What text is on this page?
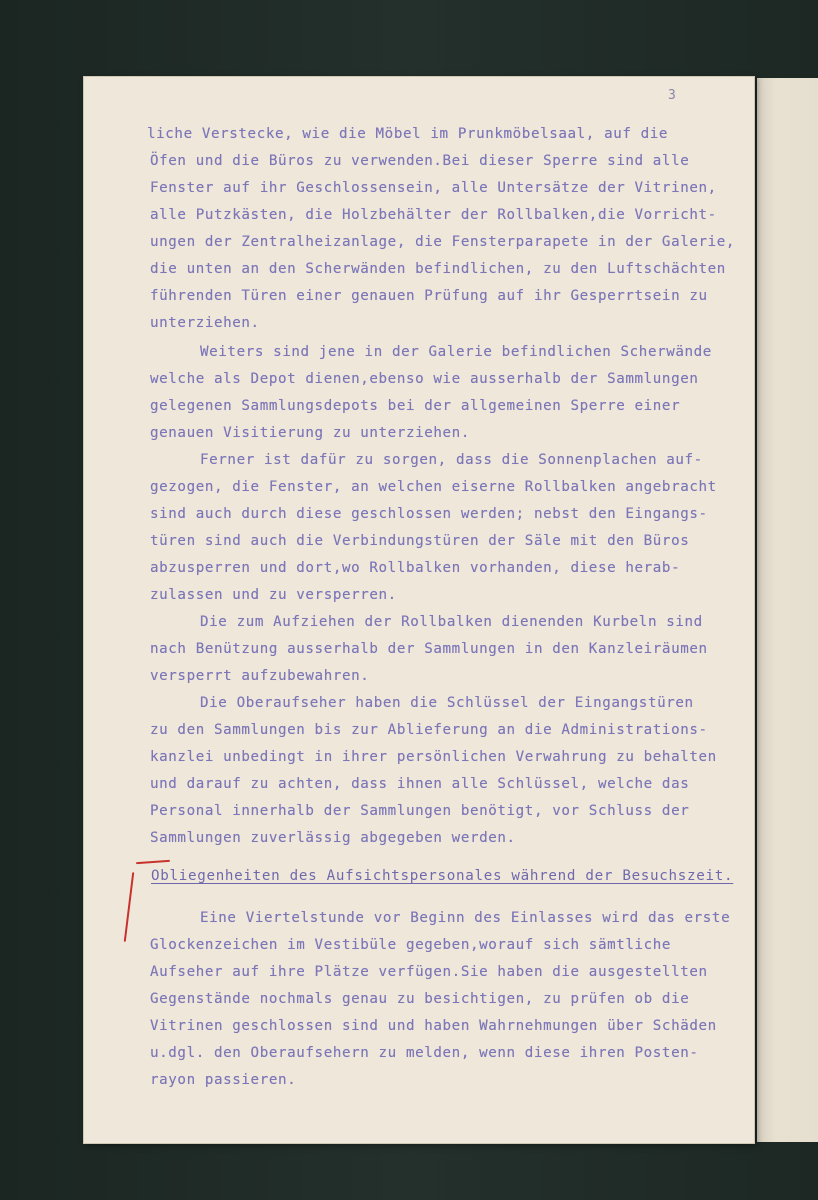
3
liche Verstecke, wie die Möbel im Prunkmöbelsaal, auf die
Öfen und die Büros zu verwenden.Bei dieser Sperre sind alle
Fenster auf ihr Geschlossensein, alle Untersätze der Vitrinen,
alle Putzkästen, die Holzbehälter der Rollbalken,die Vorricht-
ungen der Zentralheizanlage, die Fensterparapete in der Galerie,
die unten an den Scherwänden befindlichen, zu den Luftschächten
führenden Türen einer genauen Prüfung auf ihr Gesperrtsein zu
unterziehen.
Weiters sind jene in der Galerie befindlichen Scherwände
welche als Depot dienen,ebenso wie ausserhalb der Sammlungen
gelegenen Sammlungsdepots bei der allgemeinen Sperre einer
genauen Visitierung zu unterziehen.
Ferner ist dafür zu sorgen, dass die Sonnenplachen auf-
gezogen, die Fenster, an welchen eiserne Rollbalken angebracht
sind auch durch diese geschlossen werden; nebst den Eingangs-
türen sind auch die Verbindungstüren der Säle mit den Büros
abzusperren und dort,wo Rollbalken vorhanden, diese herab-
zulassen und zu versperren.
Die zum Aufziehen der Rollbalken dienenden Kurbeln sind
nach Benützung ausserhalb der Sammlungen in den Kanzleiräumen
versperrt aufzubewahren.
Die Oberaufseher haben die Schlüssel der Eingangstüren
zu den Sammlungen bis zur Ablieferung an die Administrations-
kanzlei unbedingt in ihrer persönlichen Verwahrung zu behalten
und darauf zu achten, dass ihnen alle Schlüssel, welche das
Personal innerhalb der Sammlungen benötigt, vor Schluss der
Sammlungen zuverlässig abgegeben werden.
Obliegenheiten des Aufsichtspersonales während der Besuchszeit.
Eine Viertelstunde vor Beginn des Einlasses wird das erste
Glockenzeichen im Vestibüle gegeben,worauf sich sämtliche
Aufseher auf ihre Plätze verfügen.Sie haben die ausgestellten
Gegenstände nochmals genau zu besichtigen, zu prüfen ob die
Vitrinen geschlossen sind und haben Wahrnehmungen über Schäden
u.dgl. den Oberaufsehern zu melden, wenn diese ihren Posten-
rayon passieren.
